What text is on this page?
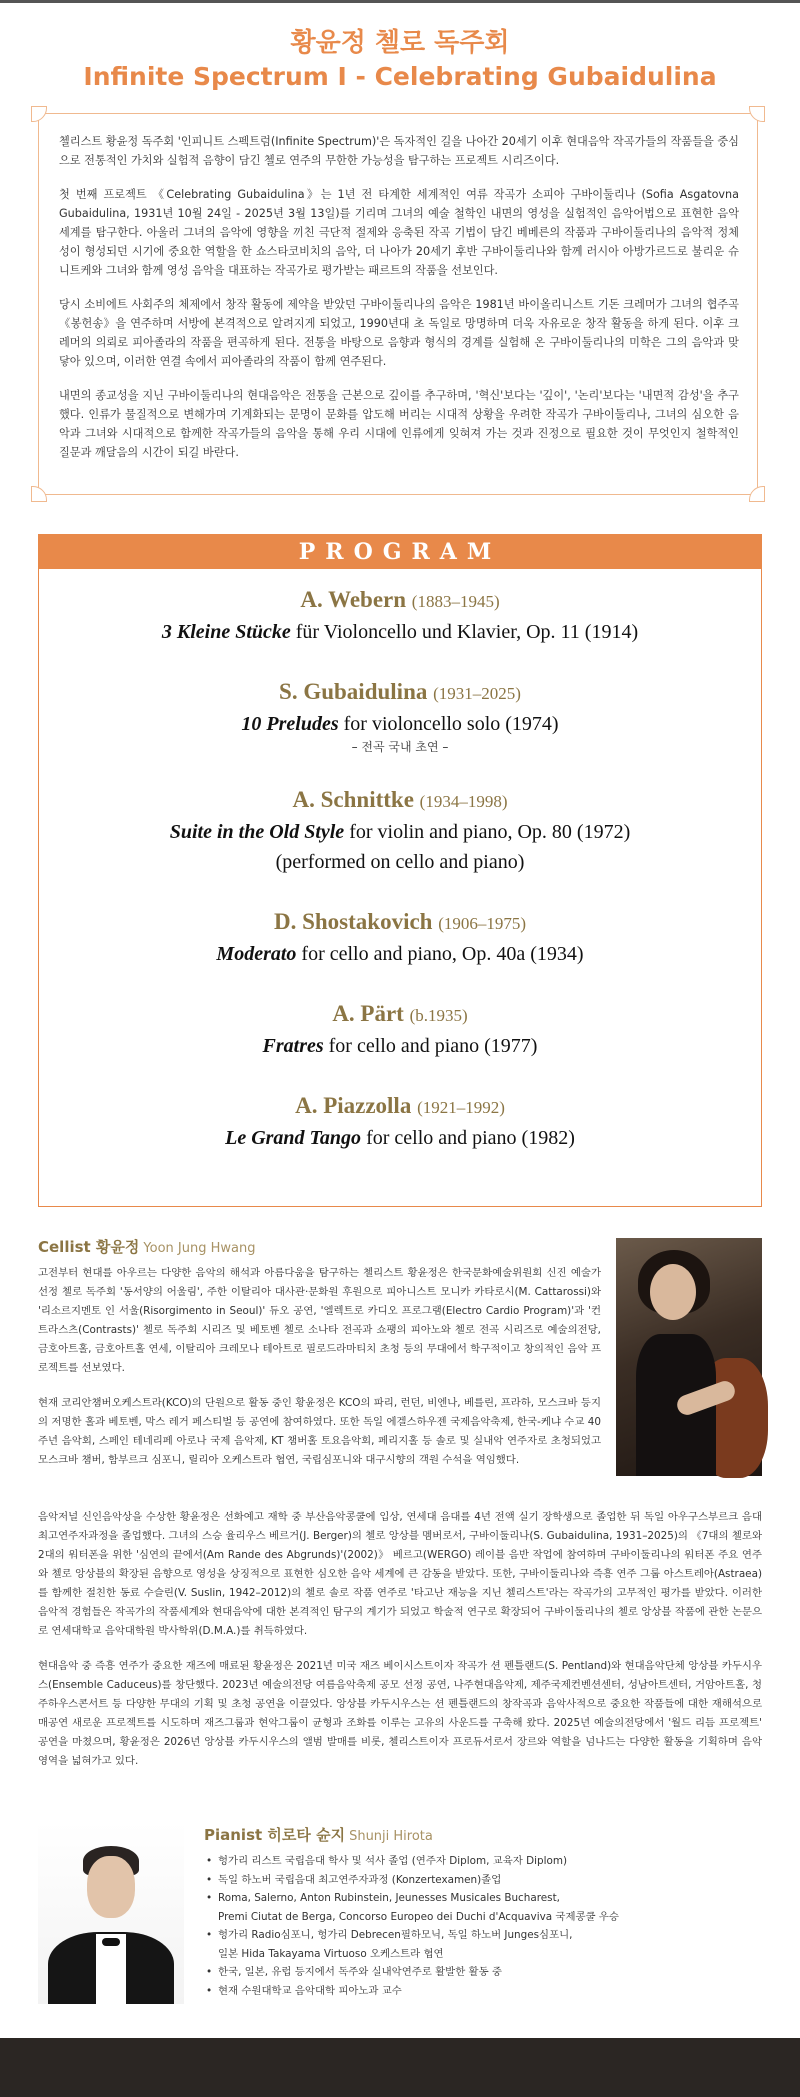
황윤정 첼로 독주회
Infinite Spectrum Ⅰ - Celebrating Gubaidulina

첼리스트 황윤정 독주회 '인피니트 스펙트럼(Infinite Spectrum)'은 독자적인 길을 나아간 20세기 이후 현대음악 작곡가들의 작품들을 중심으로 전통적인 가치와 실험적 음향이 담긴 첼로 연주의 무한한 가능성을 탐구하는 프로젝트 시리즈이다.

첫 번째 프로젝트 《Celebrating Gubaidulina》는 1년 전 타계한 세계적인 여류 작곡가 소피아 구바이둘리나 (Sofia Asgatovna Gubaidulina, 1931년 10월 24일 - 2025년 3월 13일)를 기리며 그녀의 예술 철학인 내면의 영성을 실험적인 음악어법으로 표현한 음악 세계를 탐구한다. 아울러 그녀의 음악에 영향을 끼친 극단적 절제와 응축된 작곡 기법이 담긴 베베른의 작품과 구바이둘리나의 음악적 정체성이 형성되던 시기에 중요한 역할을 한 쇼스타코비치의 음악, 더 나아가 20세기 후반 구바이둘리나와 함께 러시아 아방가르드로 불리운 슈니트케와 그녀와 함께 영성 음악을 대표하는 작곡가로 평가받는 패르트의 작품을 선보인다.

당시 소비에트 사회주의 체제에서 창작 활동에 제약을 받았던 구바이둘리나의 음악은 1981년 바이올리니스트 기돈 크레머가 그녀의 협주곡 《봉헌송》을 연주하며 서방에 본격적으로 알려지게 되었고, 1990년대 초 독일로 망명하며 더욱 자유로운 창작 활동을 하게 된다. 이후 크레머의 의뢰로 피아졸라의 작품을 편곡하게 된다. 전통을 바탕으로 음향과 형식의 경계를 실험해 온 구바이둘리나의 미학은 그의 음악과 맞닿아 있으며, 이러한 연결 속에서 피아졸라의 작품이 함께 연주된다.

내면의 종교성을 지닌 구바이둘리나의 현대음악은 전통을 근본으로 깊이를 추구하며, '혁신'보다는 '깊이', '논리'보다는 '내면적 감성'을 추구했다. 인류가 물질적으로 변해가며 기계화되는 문명이 문화를 압도해 버리는 시대적 상황을 우려한 작곡가 구바이둘리나, 그녀의 심오한 음악과 그녀와 시대적으로 함께한 작곡가들의 음악을 통해 우리 시대에 인류에게 잊혀져 가는 것과 진정으로 필요한 것이 무엇인지 철학적인 질문과 깨달음의 시간이 되길 바란다.

PROGRAM
A. Webern (1883–1945)
3 Kleine Stücke für Violoncello und Klavier, Op. 11 (1914)
S. Gubaidulina (1931–2025)
10 Preludes for violoncello solo (1974)
– 전곡 국내 초연 –
A. Schnittke (1934–1998)
Suite in the Old Style for violin and piano, Op. 80 (1972)
(performed on cello and piano)
D. Shostakovich (1906–1975)
Moderato for cello and piano, Op. 40a (1934)
A. Pärt (b.1935)
Fratres for cello and piano (1977)
A. Piazzolla (1921–1992)
Le Grand Tango for cello and piano (1982)
Cellist 황윤정 Yoon Jung Hwang

고전부터 현대를 아우르는 다양한 음악의 해석과 아름다움을 탐구하는 첼리스트 황윤정은 한국문화예술위원회 신진 예술가 선정 첼로 독주회 '동서양의 어울림', 주한 이탈리아 대사관·문화원 후원으로 피아니스트 모니카 카타로시(M. Cattarossi)와 '리소르지멘토 인 서울(Risorgimento in Seoul)' 듀오 공연, '엘렉트로 카디오 프로그램(Electro Cardio Program)'과 '컨트라스츠(Contrasts)' 첼로 독주회 시리즈 및 베토벤 첼로 소나타 전곡과 쇼팽의 피아노와 첼로 전곡 시리즈로 예술의전당, 금호아트홀, 금호아트홀 연세, 이탈리아 크레모나 테아트로 필로드라마티치 초청 등의 무대에서 학구적이고 창의적인 음악 프로젝트를 선보였다.

현재 코리안챔버오케스트라(KCO)의 단원으로 활동 중인 황윤정은 KCO의 파리, 런던, 비엔나, 베를린, 프라하, 모스크바 등지의 저명한 홀과 베토벤, 막스 레거 페스티벌 등 공연에 참여하였다. 또한 독일 에겔스하우젠 국제음악축제, 한국-케냐 수교 40주년 음악회, 스페인 테네리페 아로나 국제 음악제, KT 챔버홀 토요음악회, 페리지홀 등 솔로 및 실내악 연주자로 초청되었고 모스크바 챔버, 함부르크 심포니, 릴리아 오케스트라 협연, 국립심포니와 대구시향의 객원 수석을 역임했다.

음악저널 신인음악상을 수상한 황윤정은 선화예고 재학 중 부산음악콩쿨에 입상, 연세대 음대를 4년 전액 실기 장학생으로 졸업한 뒤 독일 아우구스부르크 음대 최고연주자과정을 졸업했다. 그녀의 스승 율리우스 베르거(J. Berger)의 첼로 앙상블 멤버로서, 구바이둘리나(S. Gubaidulina, 1931–2025)의 《7대의 첼로와 2대의 워터폰을 위한 '심연의 끝에서(Am Rande des Abgrunds)'(2002)》 베르고(WERGO) 레이블 음반 작업에 참여하며 구바이둘리나의 워터폰 주요 연주와 첼로 앙상블의 확장된 음향으로 영성을 상징적으로 표현한 심오한 음악 세계에 큰 감동을 받았다. 또한, 구바이둘리나와 즉흥 연주 그룹 아스트레아(Astraea)를 함께한 절친한 동료 수슬린(V. Suslin, 1942–2012)의 첼로 솔로 작품 연주로 '타고난 재능을 지닌 첼리스트'라는 작곡가의 고무적인 평가를 받았다. 이러한 음악적 경험들은 작곡가의 작품세계와 현대음악에 대한 본격적인 탐구의 계기가 되었고 학술적 연구로 확장되어 구바이둘리나의 첼로 앙상블 작품에 관한 논문으로 연세대학교 음악대학원 박사학위(D.M.A.)를 취득하였다.

현대음악 중 즉흥 연주가 중요한 재즈에 매료된 황윤정은 2021년 미국 재즈 베이시스트이자 작곡가 션 펜틀랜드(S. Pentland)와 현대음악단체 앙상블 카두시우스(Ensemble Caduceus)를 창단했다. 2023년 예술의전당 여름음악축제 공모 선정 공연, 나주현대음악제, 제주국제컨벤션센터, 성남아트센터, 거암아트홀, 청주하우스콘서트 등 다양한 무대의 기획 및 초청 공연을 이끌었다. 앙상블 카두시우스는 션 펜틀랜드의 창작곡과 음악사적으로 중요한 작품들에 대한 재해석으로 매공연 새로운 프로젝트를 시도하며 재즈그룹과 현악그룹이 균형과 조화를 이루는 고유의 사운드를 구축해 왔다. 2025년 예술의전당에서 '월드 리듬 프로젝트' 공연을 마쳤으며, 황윤정은 2026년 앙상블 카두시우스의 앨범 발매를 비롯, 첼리스트이자 프로듀서로서 장르와 역할을 넘나드는 다양한 활동을 기획하며 음악 영역을 넓혀가고 있다.

Pianist 히로타 슌지 Shunji Hirota
• 헝가리 리스트 국립음대 학사 및 석사 졸업 (연주자 Diplom, 교육자 Diplom)
• 독일 하노버 국립음대 최고연주자과정 (Konzertexamen)졸업
• Roma, Salerno, Anton Rubinstein, Jeunesses Musicales Bucharest,
Premi Ciutat de Berga, Concorso Europeo dei Duchi d'Acquaviva 국제콩쿨 우승
• 헝가리 Radio심포니, 헝가리 Debrecen필하모닉, 독일 하노버 Junges심포니,
일본 Hida Takayama Virtuoso 오케스트라 협연
• 한국, 일본, 유럽 등지에서 독주와 실내악연주로 활발한 활동 중
• 현재 수원대학교 음악대학 피아노과 교수
